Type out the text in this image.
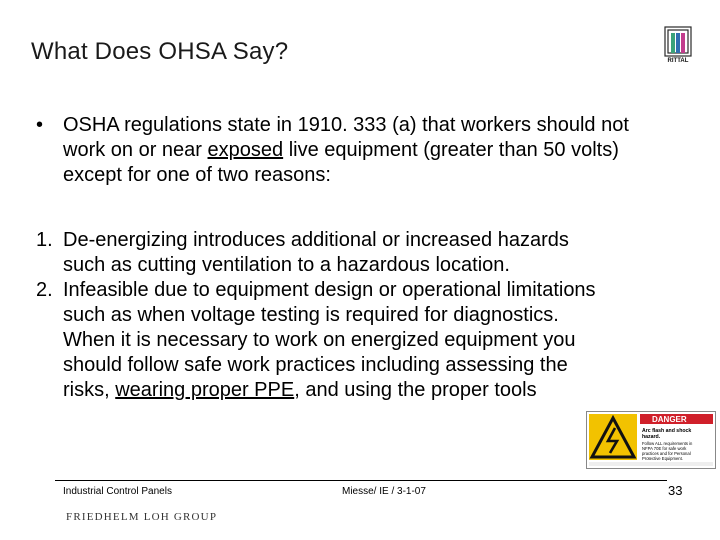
What Does OHSA Say?	RITTAL
• OSHA regulations state in 1910. 333 (a) that workers should not work on or near exposed live equipment (greater than 50 volts) except for one of two reasons:
1. De-energizing introduces additional or increased hazards such as cutting ventilation to a hazardous location.
2. Infeasible due to equipment design or operational limitations such as when voltage testing is required for diagnostics. When it is necessary to work on energized equipment you should follow safe work practices including assessing the risks, wearing proper PPE, and using the proper tools
DANGER
Arc flash and shock
hazard.
Follow ALL requirements in
NFPA 70E for safe work
practices and for Personal
Protective Equipment.
Industrial Control Panels	Miesse/ IE / 3-1-07	33
FRIEDHELM LOH GROUP
